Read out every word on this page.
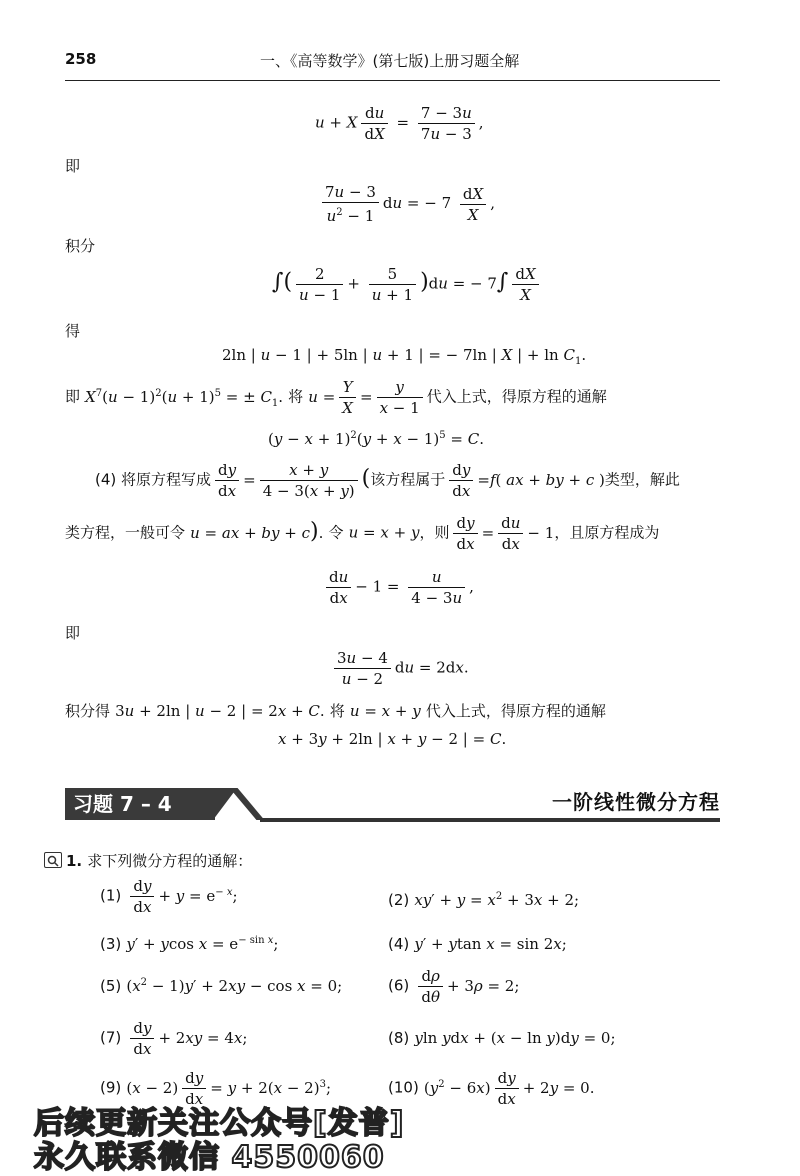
258	一、《高等数学》(第七版)上册习题全解
u + X $\frac{du}{dX} = \frac{7 - 3u}{7u - 3}$ ,
即
$\frac{7u - 3}{u^2 - 1}$ du = − $7 \frac{dX}{X}$ ,
积分
∫( $\frac{2}{u - 1} + \frac{5}{u + 1} )du$ = − $7\int \frac{dX}{X}$
得
2ln | u − 1 | + 5ln | u + 1 | = − 7ln | X | + $\ln C_1$.
即 $X^7(u - 1)^2(u + 1)^5$ = ± $C_1$. 将 $u = \frac{Y}{X} = \frac{y}{x - 1}$ 代入上式，得原方程的通解
$(y - x + 1)^2(y + x - 1)^5 = C$.
(4) 将原方程写成 $\frac{dy}{dx} = \frac{x + y}{4 - 3(x + y)}$ (该方程属于 $\frac{dy}{dx} =f$( ax + by + c )类型，解此
类方程，一般可令 u = ax + by + c). 令 u = x + y，则 $\frac{dy}{dx} = \frac{du}{dx} - 1$，且原方程成为
$\frac{du}{dx} - 1 = \frac{u}{4 - 3u}$ ,
即
$\frac{3u - 4}{u - 2}$ du = 2dx.
积分得 3u + 2ln | u − 2 | = 2x + C. 将 u = x + y 代入上式，得原方程的通解
x + 3y + 2ln | x + y − 2 | = C.
习题 7 – 4	一阶线性微分方程
1. 求下列微分方程的通解：
$(1) \frac{dy}{dx} + y = e^-$ $^x$;	(2) $xy' + y = x^2 + 3x + 2$;
(3) y′ + ycos $x = e^{- sin}$ $^x$;	(4) y′ + ytan x = sin 2x;
(5) $(x^2 - 1)y' + 2xy - \cos x = 0$;	$(6) \frac{d\rho}{d\theta} + 3\rho = 2$;
$(7) \frac{dy}{dx} + 2xy = 4x$;	(8) yln ydx + (x − ln y)dy = 0;
(9) $(x - 2) \frac{dy}{dx} = y + 2(x - 2)^3$;	(10) $(y^2 - 6x) \frac{dy}{dx} + 2y = 0$.
后续更新关注公众号[发普]
永久联系微信 4550060
